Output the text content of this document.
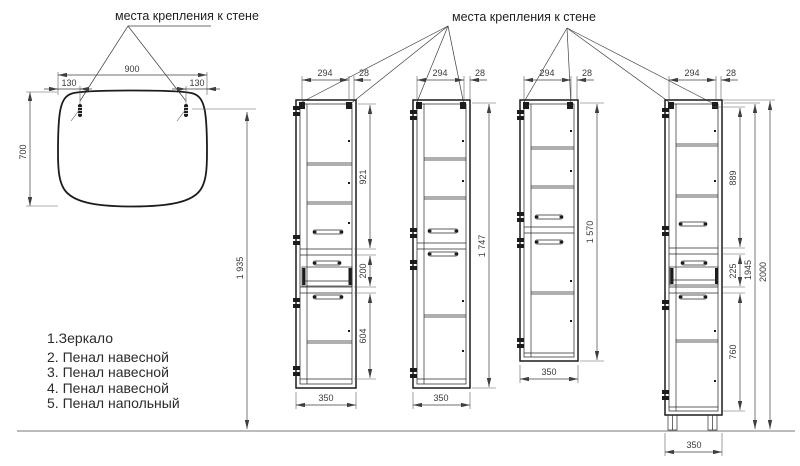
места крепления к стене	места крепления к стене
900
130	130
700
1 935
1.Зеркало
2. Пенал навесной
3. Пенал навесной
4. Пенал навесной
5. Пенал напольный
294	28
921
200
604
350
294	28
1 747
350
294	28
1 570
350
294	28
889
225
760
1945 2000
350
